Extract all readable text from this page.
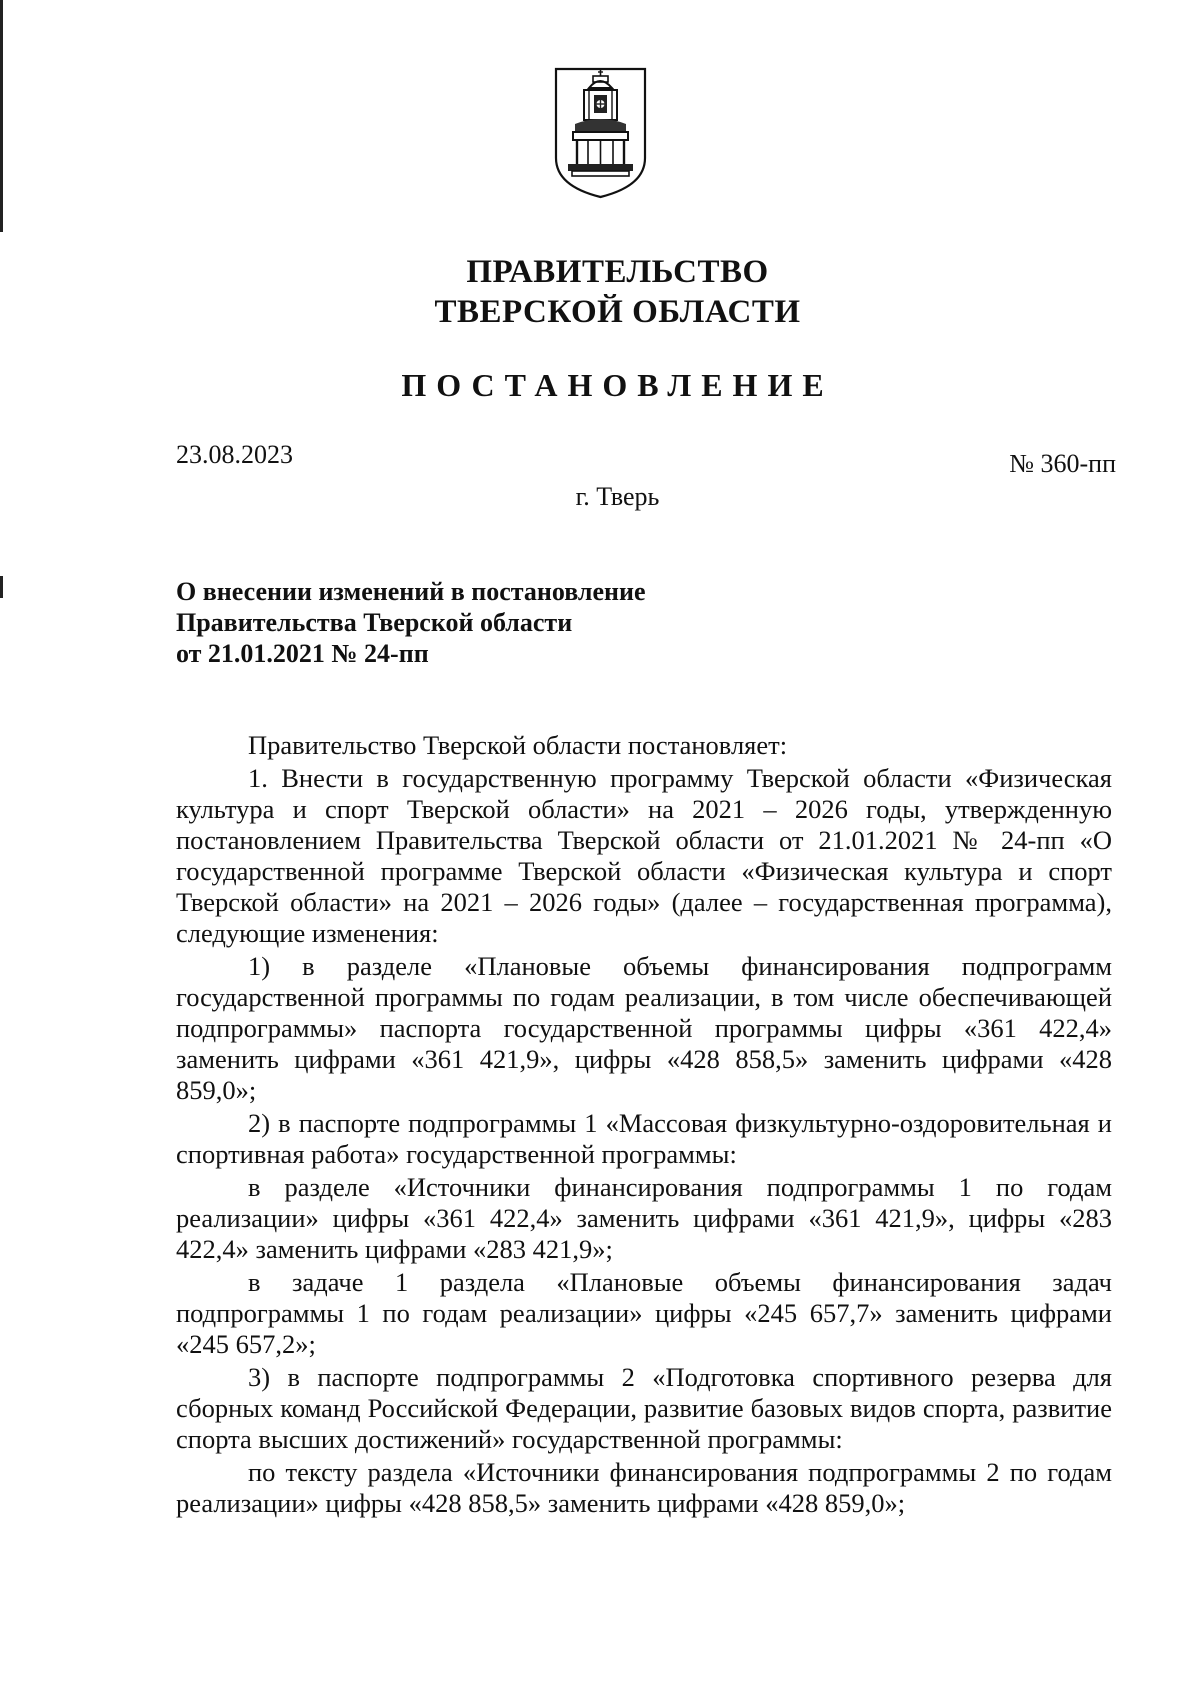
ПРАВИТЕЛЬСТВО
ТВЕРСКОЙ ОБЛАСТИ
ПОСТАНОВЛЕНИЕ
23.08.2023	№ 360-пп
г. Тверь
О внесении изменений в постановление
Правительства Тверской области
от 21.01.2021 № 24-пп

Правительство Тверской области постановляет:

1. Внести в государственную программу Тверской области «Физическая культура и спорт Тверской области» на 2021 – 2026 годы, утвержденную постановлением Правительства Тверской области от 21.01.2021 № 24-пп «О государственной программе Тверской области «Физическая культура и спорт Тверской области» на 2021 – 2026 годы» (далее – государственная программа), следующие изменения:

1) в разделе «Плановые объемы финансирования подпрограмм государственной программы по годам реализации, в том числе обеспечивающей подпрограммы» паспорта государственной программы цифры «361 422,4» заменить цифрами «361 421,9», цифры «428 858,5» заменить цифрами «428 859,0»;

2) в паспорте подпрограммы 1 «Массовая физкультурно-оздоровительная и спортивная работа» государственной программы:

в разделе «Источники финансирования подпрограммы 1 по годам реализации» цифры «361 422,4» заменить цифрами «361 421,9», цифры «283 422,4» заменить цифрами «283 421,9»;

в задаче 1 раздела «Плановые объемы финансирования задач подпрограммы 1 по годам реализации» цифры «245 657,7» заменить цифрами «245 657,2»;

3) в паспорте подпрограммы 2 «Подготовка спортивного резерва для сборных команд Российской Федерации, развитие базовых видов спорта, развитие спорта высших достижений» государственной программы:

по тексту раздела «Источники финансирования подпрограммы 2 по годам реализации» цифры «428 858,5» заменить цифрами «428 859,0»;
